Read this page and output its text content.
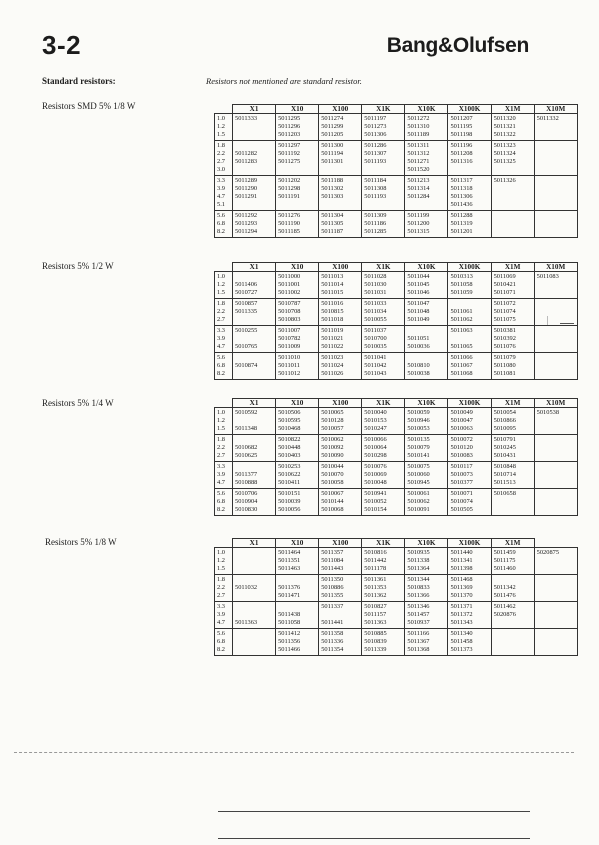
3-2	Bang&Olufsen
Standard resistors:	Resistors not mentioned are standard resistor.
Resistors SMD 5% 1/8 W
Resistors 5% 1/2 W
Resistors 5% 1/4 W
Resistors 5% 1/8 W
	X1	X10	X100	X1K	X10K	X100K	X1M	X10M
1.0	5011333	5011295	5011274	5011197	5011272	5011207	5011320	5011332
1.2		5011296	5011299	5011273	5011310	5011195	5011321	
1.5		5011203	5011205	5011306	5011189	5011198	5011322	
1.8		5011297	5011300	5011286	5011311	5011196	5011323	
2.2	5011282	5011192	5011194	5011307	5011312	5011208	5011324	
2.7	5011283	5011275	5011301	5011193	5011271	5011316	5011325	
3.0					5011520			
3.3	5011289	5011202	5011188	5011184	5011213	5011317	5011326	
3.9	5011290	5011298	5011302	5011308	5011314	5011318		
4.7	5011291	5011191	5011303	5011193	5011284	5011306		
5.1						5011436		
5.6	5011292	5011276	5011304	5011309	5011199	5011288		
6.8	5011293	5011190	5011305	5011186	5011200	5011319		
8.2	5011294	5011185	5011187	5011285	5011315	5011201		
	X1	X10	X100	X1K	X10K	X100K	X1M	X10M
1.0		5011000	5011013	5011028	5011044	5010313	5011069	5011083
1.2	5011406	5011001	5011014	5011030	5011045	5011058	5010421	
1.5	5010727	5011002	5011015	5011031	5011046	5011059	5011071	
1.8	5010857	5010787	5011016	5011033	5011047		5011072	
2.2	5011335	5010708	5010815	5011034	5011048	5011061	5011074	
2.7		5010803	5011018	5010055	5011049	5011062	5011075	
3.3	5010255	5011007	5011019	5011037		5011063	5010381	
3.9		5010782	5011021	5010700	5011051		5010392	
4.7	5010765	5011009	5011022	5010035	5010036	5011065	5011076	
5.6		5011010	5011023	5011041		5011066	5011079	
6.8	5010874	5011011	5011024	5011042	5010810	5011067	5011080	
8.2		5011012	5011026	5011043	5010038	5011068	5011081	
	X1	X10	X100	X1K	X10K	X100K	X1M	X10M
1.0	5010592	5010506	5010065	5010040	5010059	5010049	5010054	5010538
1.2		5010595	5010128	5010153	5010946	5010047	5010866	
1.5	5011348	5010468	5010057	5010247	5010053	5010063	5010095	
1.8		5010822	5010062	5010066	5010135	5010072	5010791	
2.2	5010682	5010448	5010092	5010064	5010079	5010120	5010245	
2.7	5010625	5010403	5010090	5010298	5010141	5010083	5010431	
3.3		5010253	5010044	5010076	5010075	5010117	5010848	
3.9	5011377	5010622	5010070	5010069	5010060	5010073	5010714	
4.7	5010888	5010411	5010058	5010048	5010945	5010377	5011513	
5.6	5010706	5010151	5010067	5010941	5010061	5010071	5010658	
6.8	5010904	5010039	5010144	5010052	5010062	5010074		
8.2	5010830	5010056	5010068	5010154	5010091	5010505		
	X1	X10	X100	X1K	X10K	X100K	X1M	
1.0		5011464	5011357	5010816	5010935	5011440	5011459	5020875
1.2		5011351	5011084	5011442	5011338	5011341	5011175	
1.5		5011463	5011443	5011178	5011364	5011398	5011460	
1.8			5011350	5011361	5011344	5011468		
2.2	5011032	5011376	5010886	5011353	5010833	5011369	5011342	
2.7		5011471	5011355	5011362	5011366	5011370	5011476	
3.3			5011337	5010827	5011346	5011371	5011462	
3.9		5011438		5011157	5011457	5011372	5020876	
4.7	5011363	5011058	5011441	5011363	5010937	5011343		
5.6		5011412	5011358	5010885	5011166	5011340		
6.8		5011356	5011336	5010839	5011367	5011458		
8.2		5011466	5011354	5011339	5011368	5011373		
